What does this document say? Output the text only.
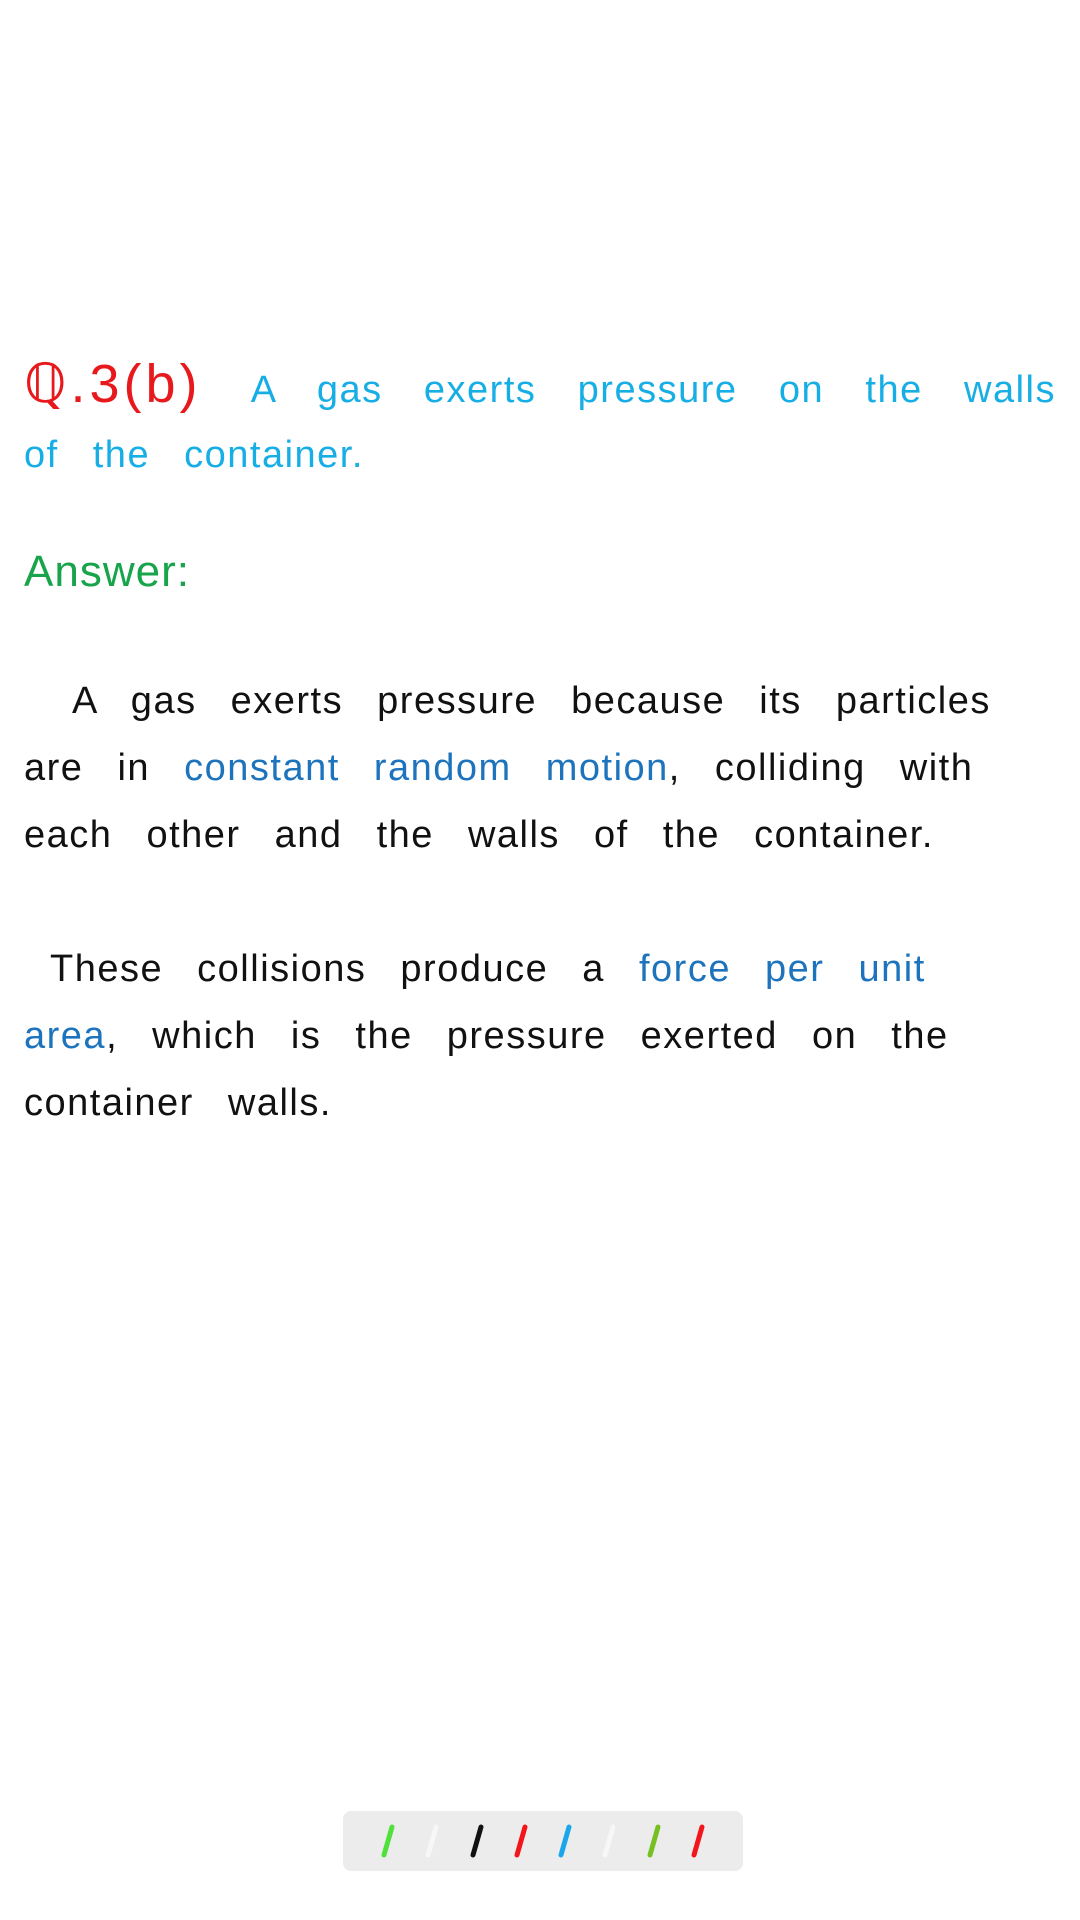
ℚ.3(b) A gas exerts pressure on the walls of the container.

Answer:

A gas exerts pressure because its particles are in constant random motion, colliding with each other and the walls of the container.

These collisions produce a force per unit area, which is the pressure exerted on the container walls.
